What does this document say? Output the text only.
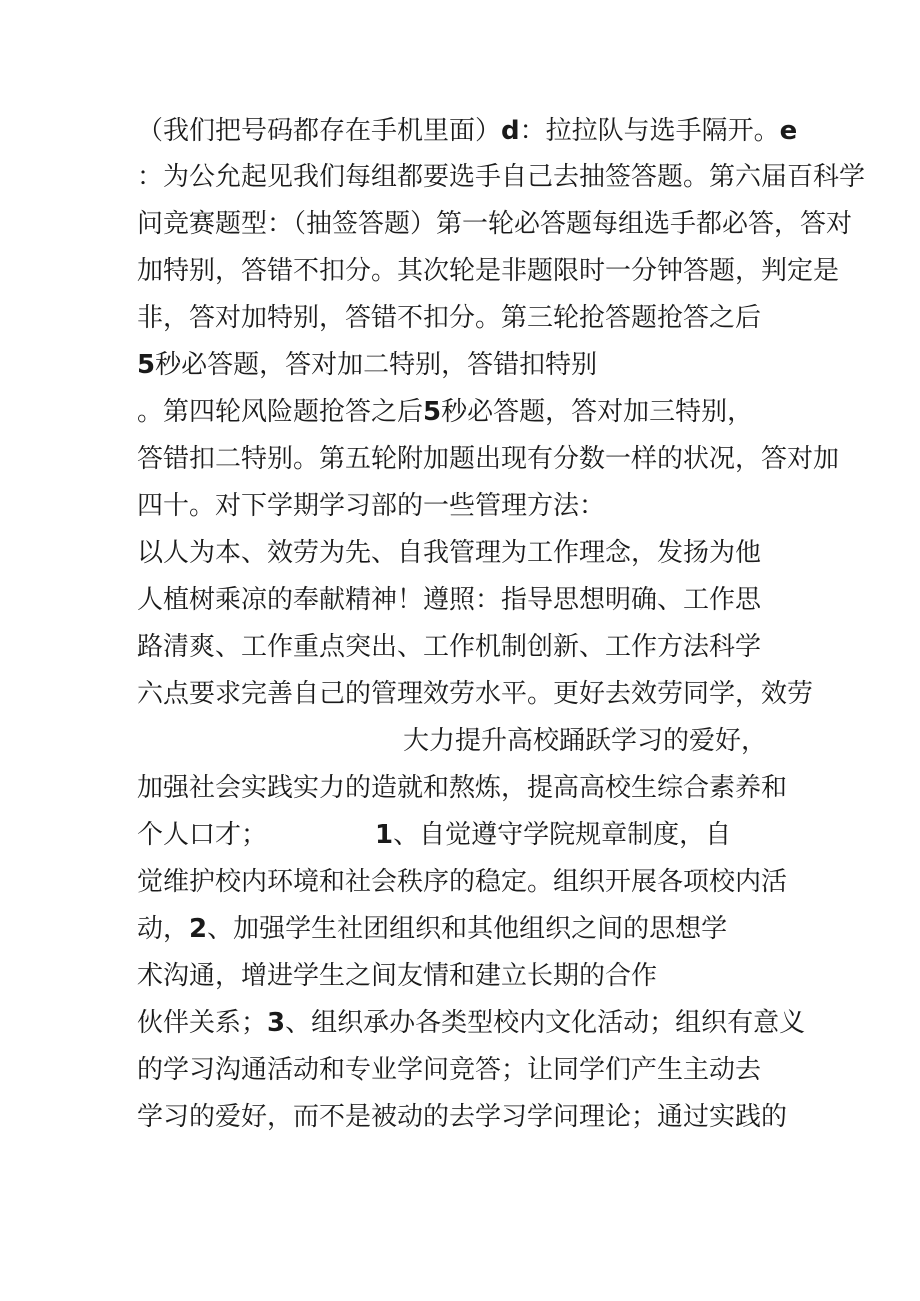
（我们把号码都存在手机里面）d：拉拉队与选手隔开。e
：为公允起见我们每组都要选手自己去抽签答题。第六届百科学
问竞赛题型：（抽签答题）第一轮必答题每组选手都必答，答对
加特别，答错不扣分。其次轮是非题限时一分钟答题，判定是
非，答对加特别，答错不扣分。第三轮抢答题抢答之后
5秒必答题，答对加二特别，答错扣特别
。第四轮风险题抢答之后5秒必答题，答对加三特别，
答错扣二特别。第五轮附加题出现有分数一样的状况，答对加
四十。对下学期学习部的一些管理方法：
以人为本、效劳为先、自我管理为工作理念，发扬为他
人植树乘凉的奉献精神！遵照：指导思想明确、工作思
路清爽、工作重点突出、工作机制创新、工作方法科学
六点要求完善自己的管理效劳水平。更好去效劳同学，效劳
大力提升高校踊跃学习的爱好，
加强社会实践实力的造就和熬炼，提高高校生综合素养和
个人口才；	1、自觉遵守学院规章制度，自
觉维护校内环境和社会秩序的稳定。组织开展各项校内活
动，2、加强学生社团组织和其他组织之间的思想学
术沟通，增进学生之间友情和建立长期的合作
伙伴关系；3、组织承办各类型校内文化活动；组织有意义
的学习沟通活动和专业学问竞答；让同学们产生主动去
学习的爱好，而不是被动的去学习学问理论；通过实践的
